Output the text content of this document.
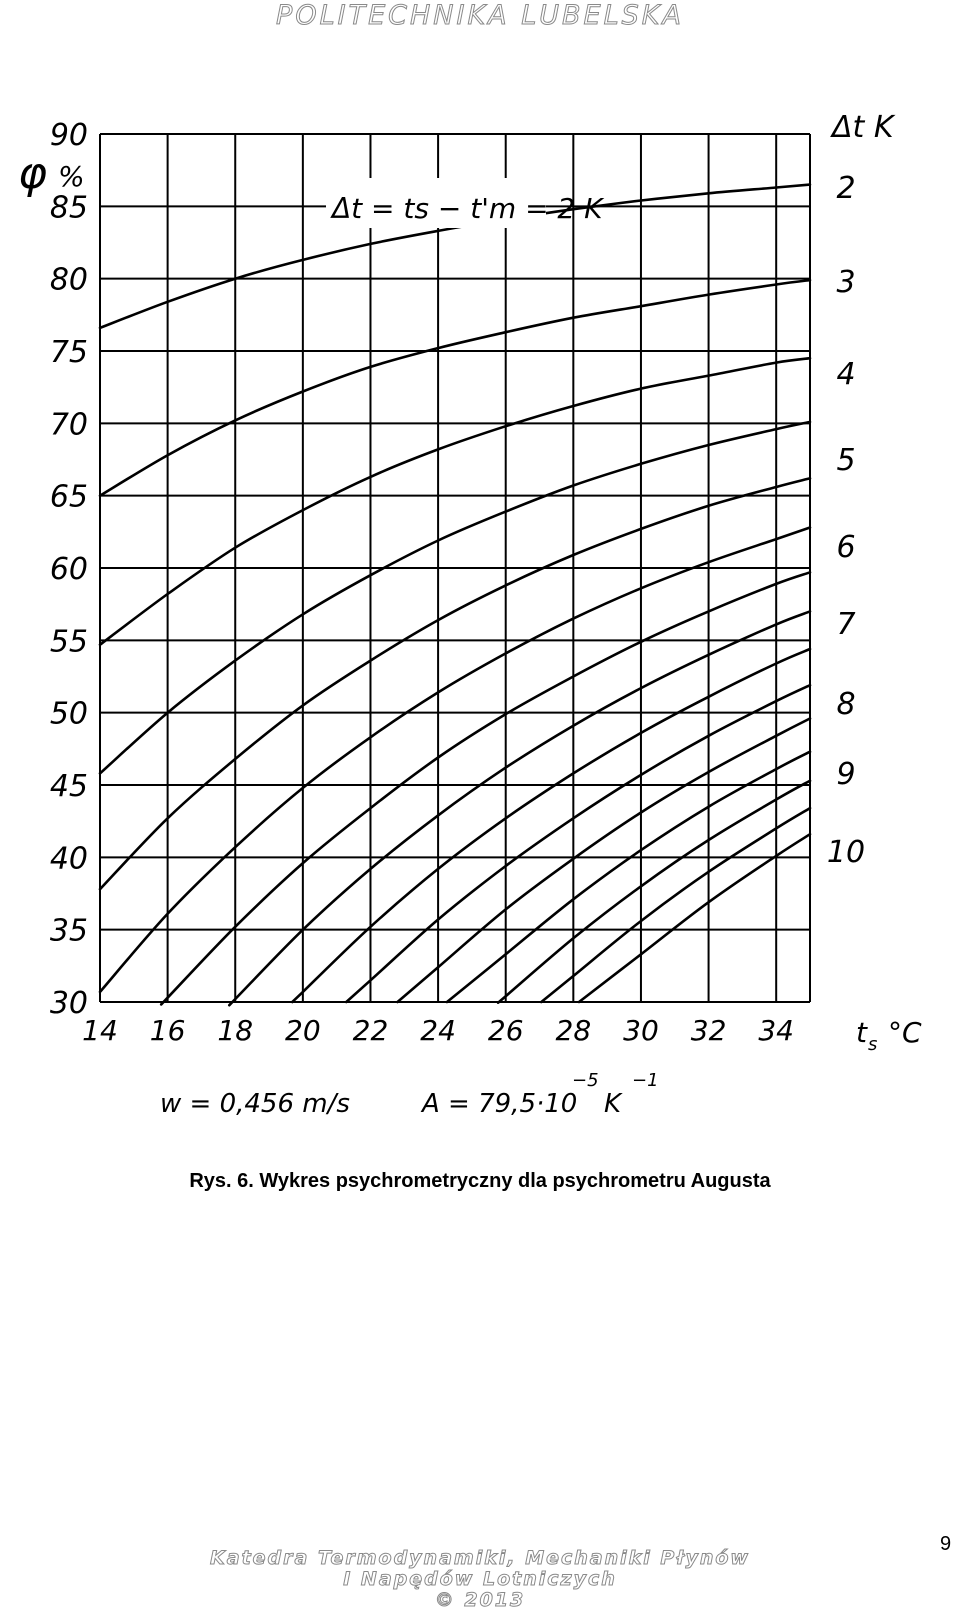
POLITECHNIKA LUBELSKA
30
35
40
45
50
55
60
65
70
75
80
85
90
14 16 18 20 22 24 26 28 30 32 34
2
3
4
5
6
7
8
9
10
φ %
Δt K
Δt = ts − t'm = 2 K
t s °C
w = 0,456 m/s	A = 79,5·10
−5
K
−1
Rys. 6. Wykres psychrometryczny dla psychrometru Augusta
9
Katedra Termodynamiki, Mechaniki Płynów
I Napędów Lotniczych
© 2013
